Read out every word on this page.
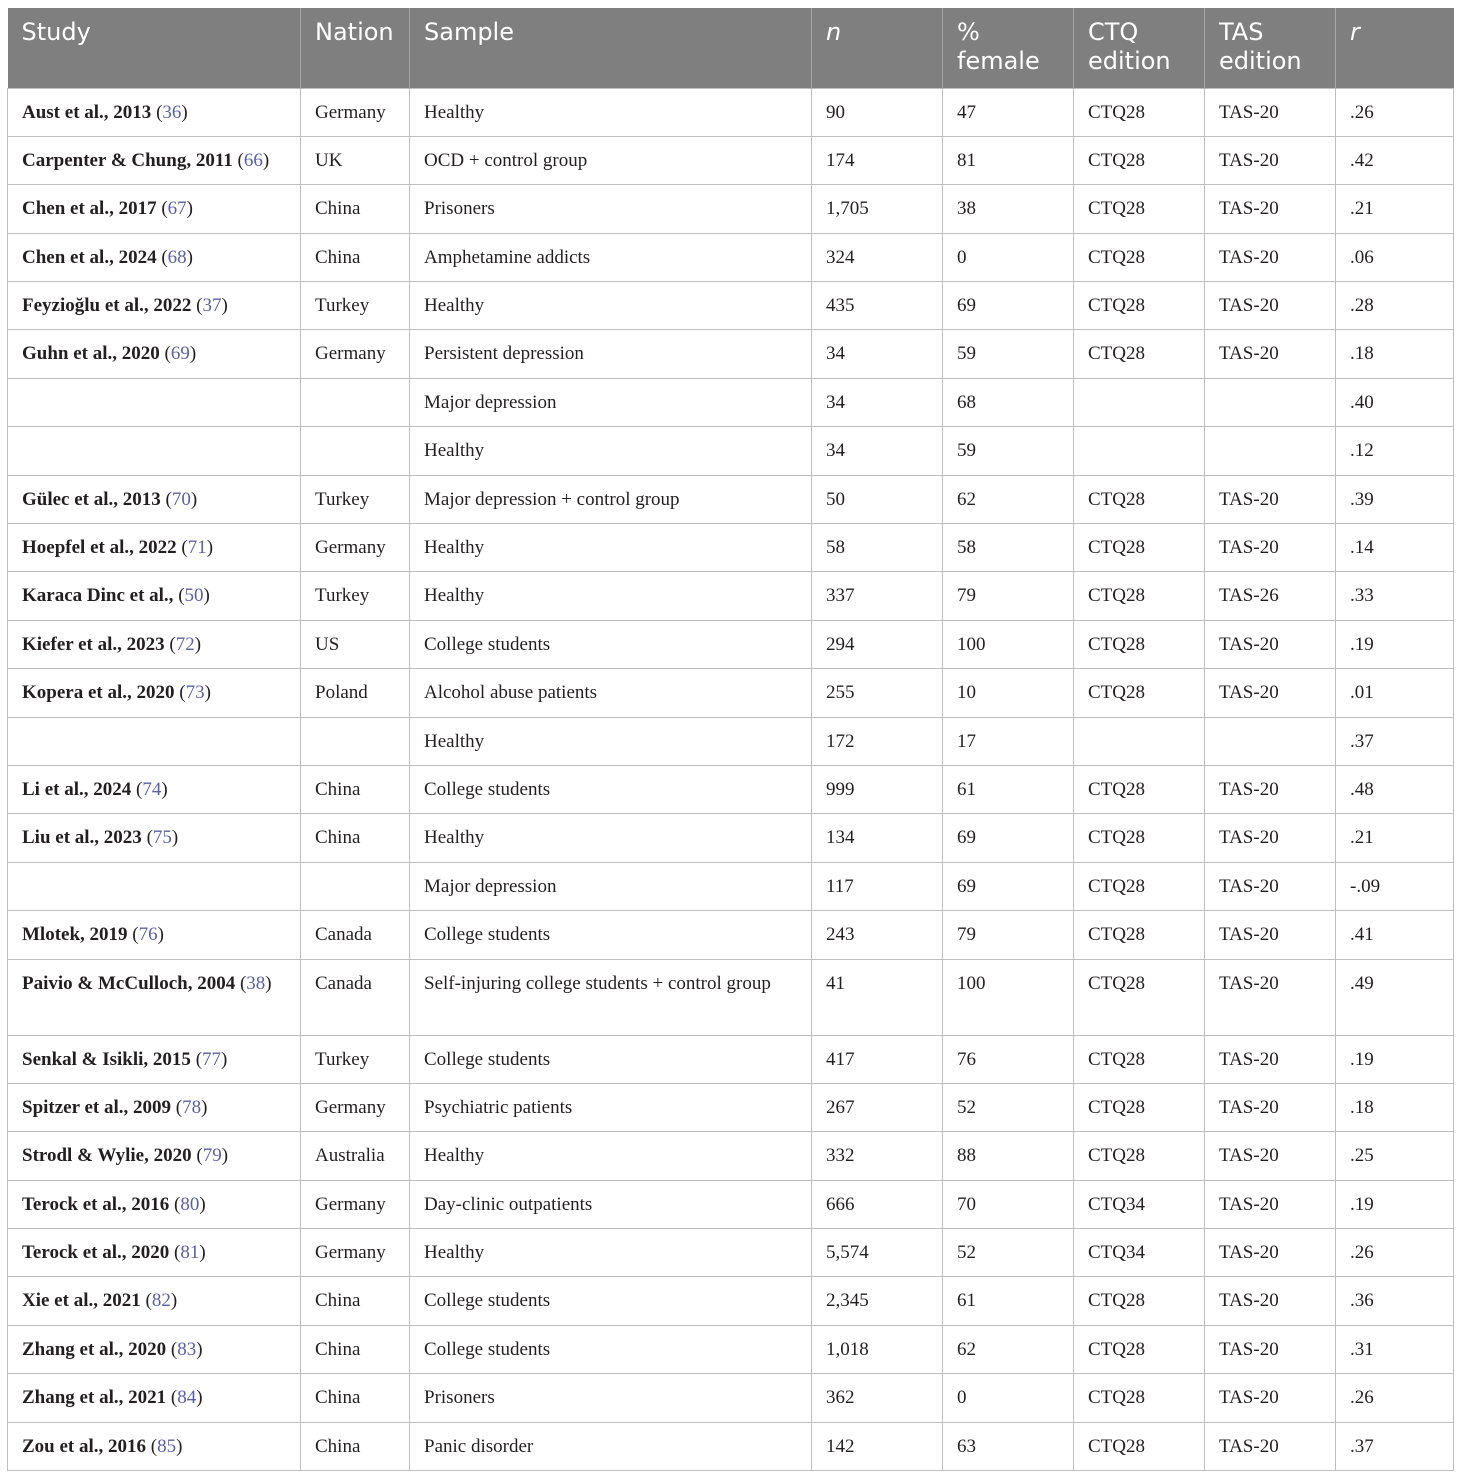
Study	Nation	Sample	n	% female	CTQ edition	TAS edition	r
Aust et al., 2013 (36)	Germany	Healthy	90	47	CTQ28	TAS-20	.26
Carpenter & Chung, 2011 (66)	UK	OCD + control group	174	81	CTQ28	TAS-20	.42
Chen et al., 2017 (67)	China	Prisoners	1,705	38	CTQ28	TAS-20	.21
Chen et al., 2024 (68)	China	Amphetamine addicts	324	0	CTQ28	TAS-20	.06
Feyzioğlu et al., 2022 (37)	Turkey	Healthy	435	69	CTQ28	TAS-20	.28
Guhn et al., 2020 (69)	Germany	Persistent depression	34	59	CTQ28	TAS-20	.18
		Major depression	34	68			.40
		Healthy	34	59			.12
Gülec et al., 2013 (70)	Turkey	Major depression + control group	50	62	CTQ28	TAS-20	.39
Hoepfel et al., 2022 (71)	Germany	Healthy	58	58	CTQ28	TAS-20	.14
Karaca Dinc et al., (50)	Turkey	Healthy	337	79	CTQ28	TAS-26	.33
Kiefer et al., 2023 (72)	US	College students	294	100	CTQ28	TAS-20	.19
Kopera et al., 2020 (73)	Poland	Alcohol abuse patients	255	10	CTQ28	TAS-20	.01
		Healthy	172	17			.37
Li et al., 2024 (74)	China	College students	999	61	CTQ28	TAS-20	.48
Liu et al., 2023 (75)	China	Healthy	134	69	CTQ28	TAS-20	.21
		Major depression	117	69	CTQ28	TAS-20	-.09
Mlotek, 2019 (76)	Canada	College students	243	79	CTQ28	TAS-20	.41
Paivio & McCulloch, 2004 (38)	Canada	Self-injuring college students + control group	41	100	CTQ28	TAS-20	.49
Senkal & Isikli, 2015 (77)	Turkey	College students	417	76	CTQ28	TAS-20	.19
Spitzer et al., 2009 (78)	Germany	Psychiatric patients	267	52	CTQ28	TAS-20	.18
Strodl & Wylie, 2020 (79)	Australia	Healthy	332	88	CTQ28	TAS-20	.25
Terock et al., 2016 (80)	Germany	Day-clinic outpatients	666	70	CTQ34	TAS-20	.19
Terock et al., 2020 (81)	Germany	Healthy	5,574	52	CTQ34	TAS-20	.26
Xie et al., 2021 (82)	China	College students	2,345	61	CTQ28	TAS-20	.36
Zhang et al., 2020 (83)	China	College students	1,018	62	CTQ28	TAS-20	.31
Zhang et al., 2021 (84)	China	Prisoners	362	0	CTQ28	TAS-20	.26
Zou et al., 2016 (85)	China	Panic disorder	142	63	CTQ28	TAS-20	.37
